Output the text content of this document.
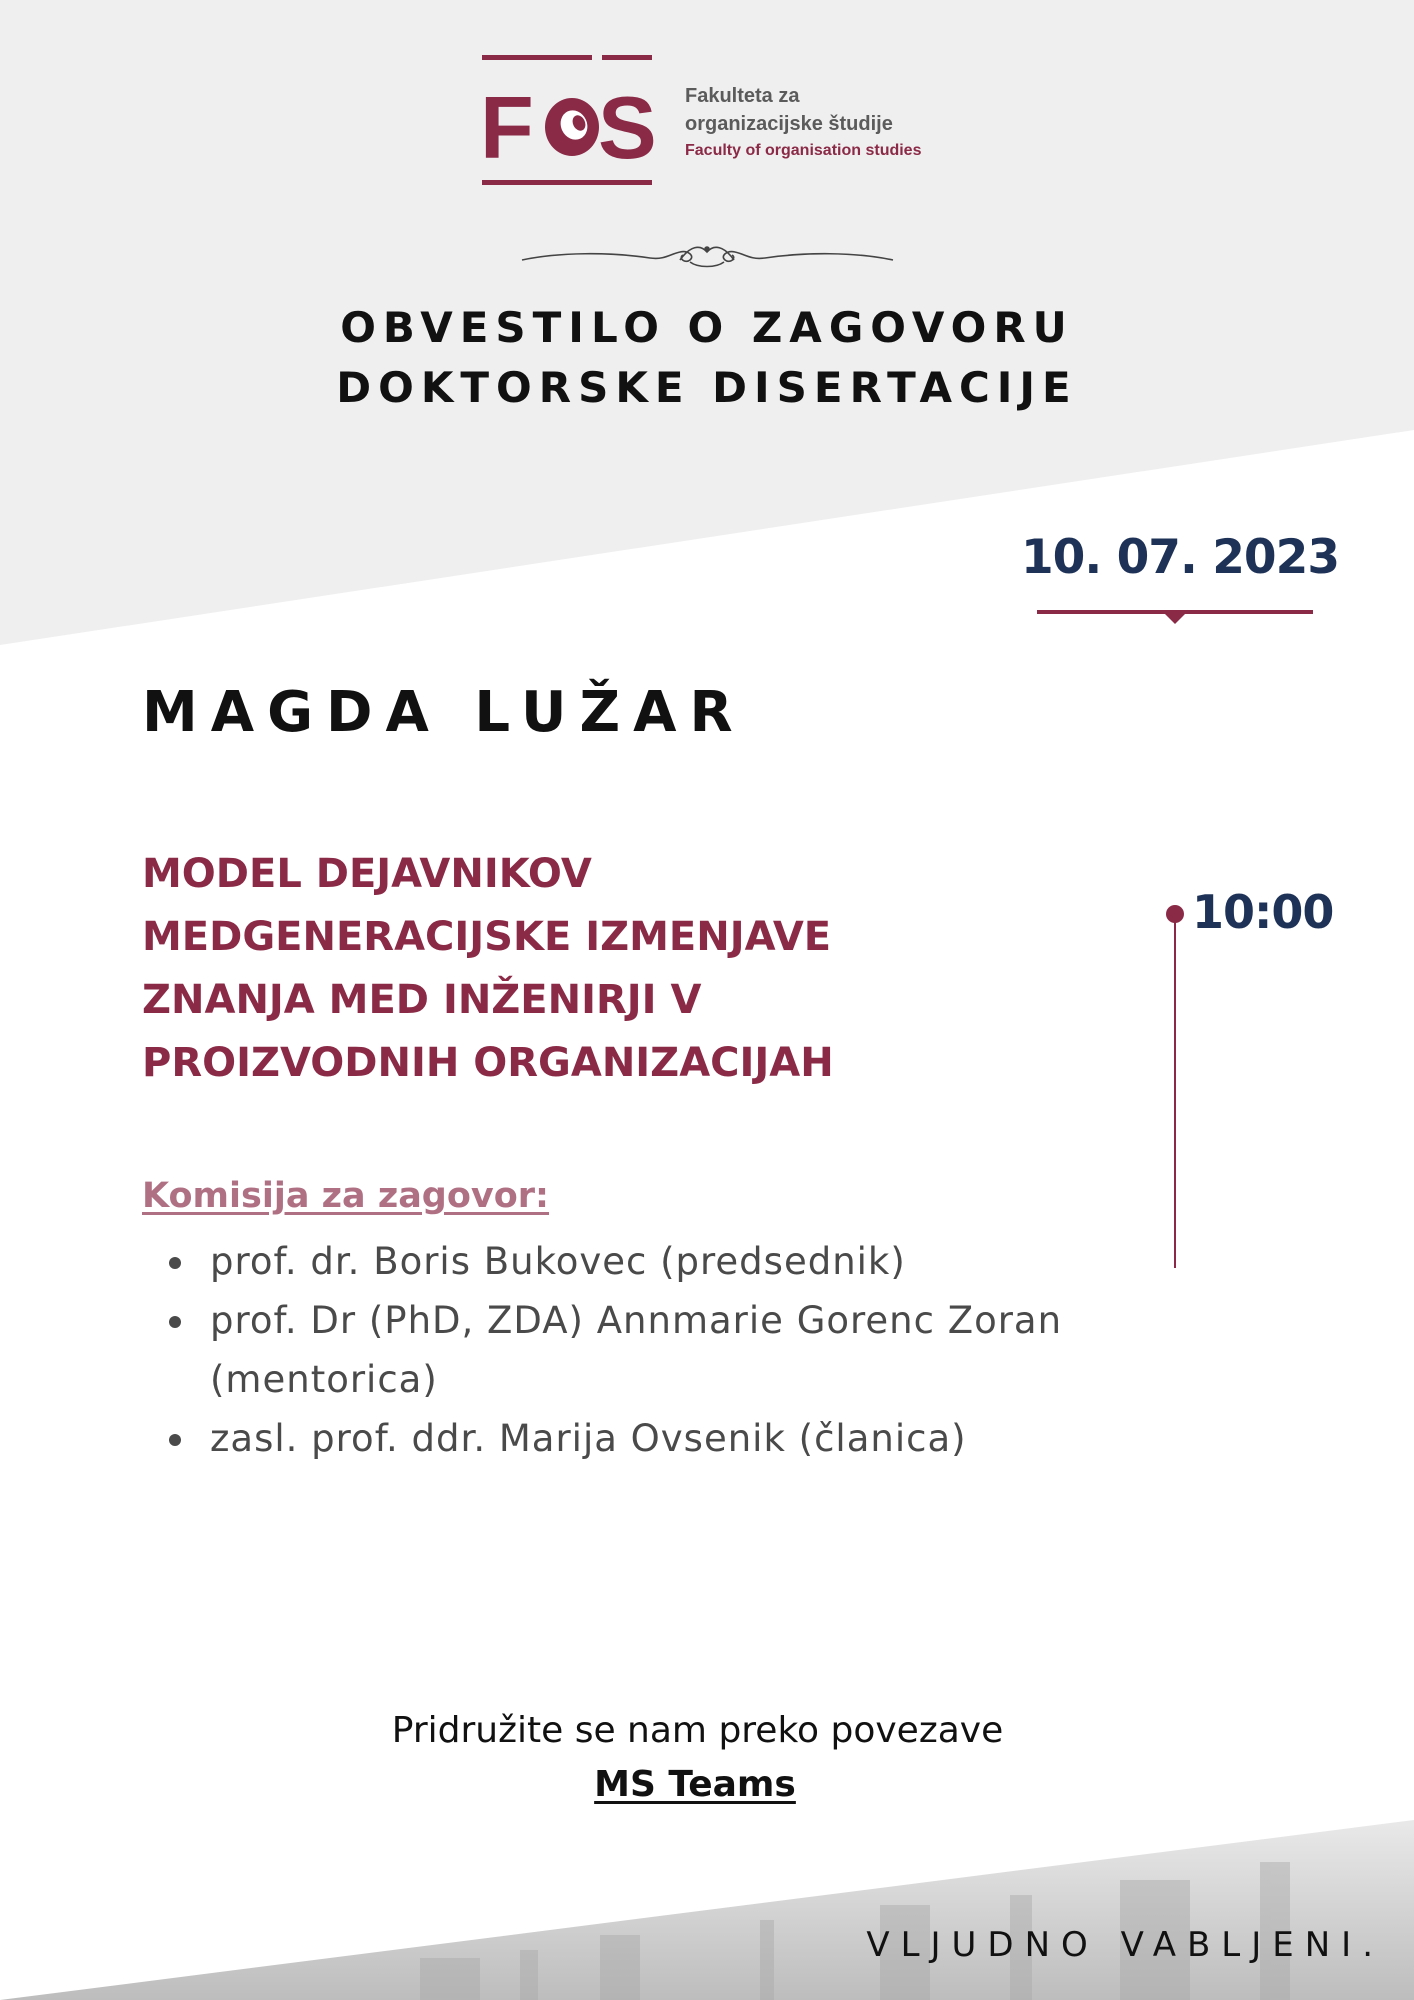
F S Fakulteta za
organizacijske študije
Faculty of organisation studies
OBVESTILO O ZAGOVORU
DOKTORSKE DISERTACIJE
10. 07. 2023
MAGDA LUŽAR
MODEL DEJAVNIKOV
MEDGENERACIJSKE IZMENJAVE
ZNANJA MED INŽENIRJI V
PROIZVODNIH ORGANIZACIJAH
10:00
Komisija za zagovor:
prof. dr. Boris Bukovec (predsednik)
prof. Dr (PhD, ZDA) Annmarie Gorenc Zoran (mentorica)
zasl. prof. ddr. Marija Ovsenik (članica)
Pridružite se nam preko povezave
MS Teams
VLJUDNO VABLJENI.
